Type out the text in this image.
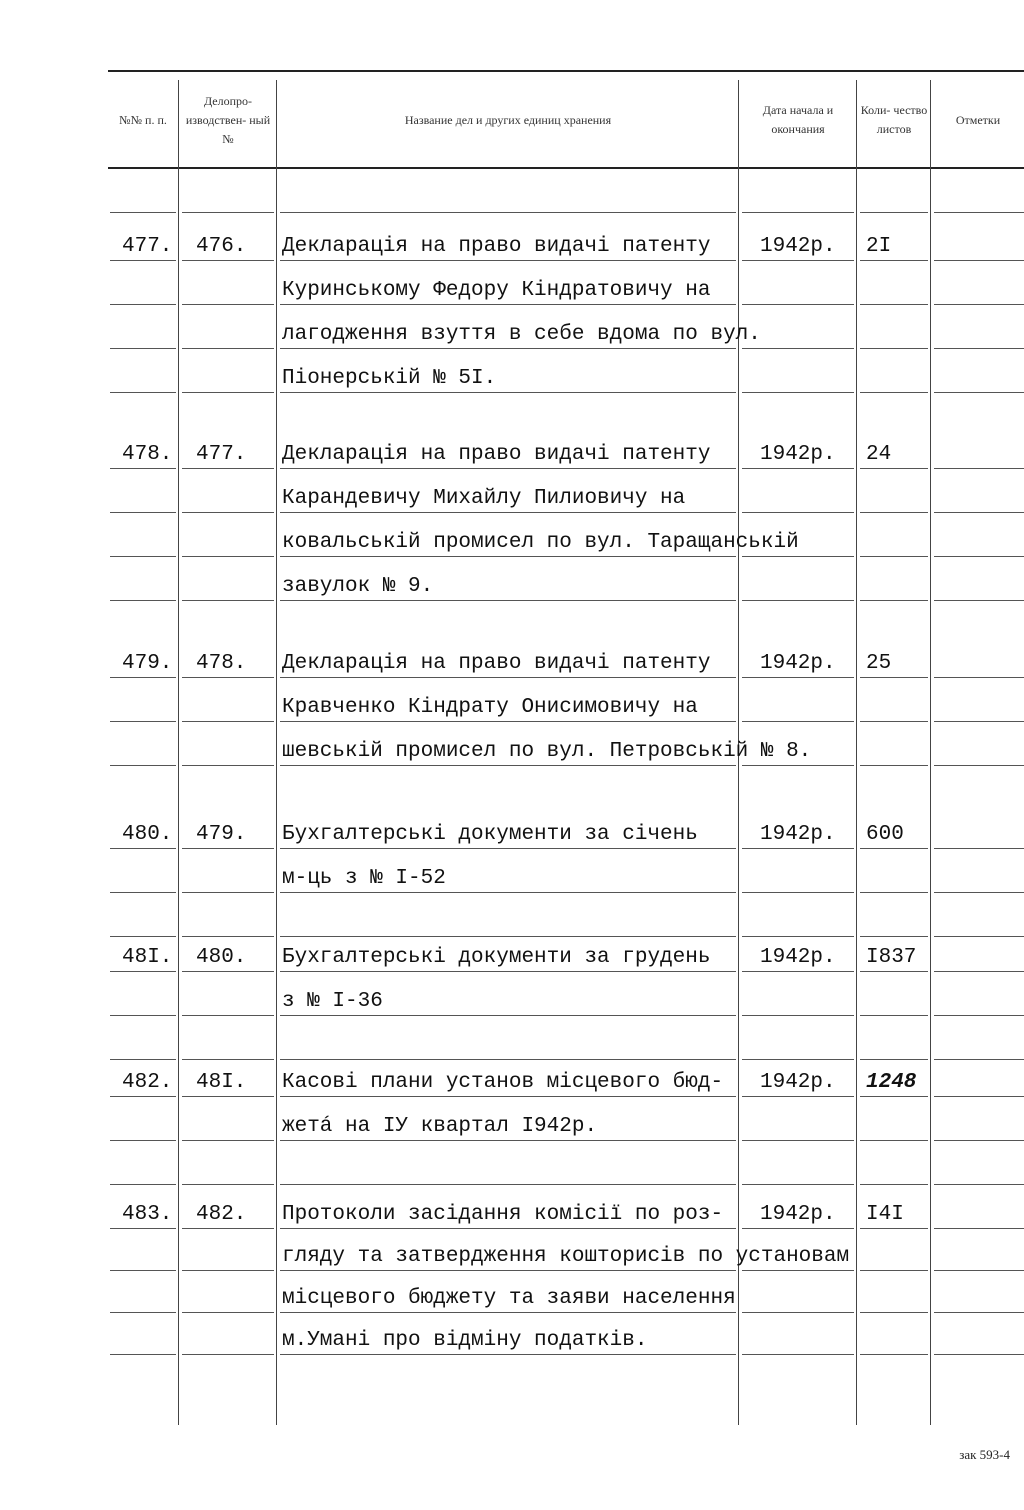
№№ п. п.
Делопро- изводствен- ный №
Название дел и других единиц хранения
Дата начала и окончания
Коли- чество листов
Отметки
477. 476. Декларація на право видачі патенту
Куринському Федору Кіндратовичу на
лагодження взуття в себе вдома по вул.
Піонерській № 5I.
1942р. 2I
478. 477. Декларація на право видачі патенту
Карандевичу Михайлу Пилиовичу на
ковальській промисел по вул. Таращанській
завулок № 9.
1942р. 24
479. 478. Декларація на право видачі патенту
Кравченко Кіндрату Онисимовичу на
шевській промисел по вул. Петровській № 8.
1942р. 25
480. 479. Бухгалтерські документи за січень
м-ць з № I-52
1942р. 600
48I. 480. Бухгалтерські документи за грудень
з № I-36
1942р. I837
482. 48I. Касові плани установ місцевого бюд-
жетá на IУ квартал I942р.
1942р. 1248
483. 482. Протоколи засідання комісії по роз-
гляду та затвердження кошторисів по установам
місцевого бюджету та заяви населення
м.Умані про відміну податків.
1942р. I4I
зак 593-4
